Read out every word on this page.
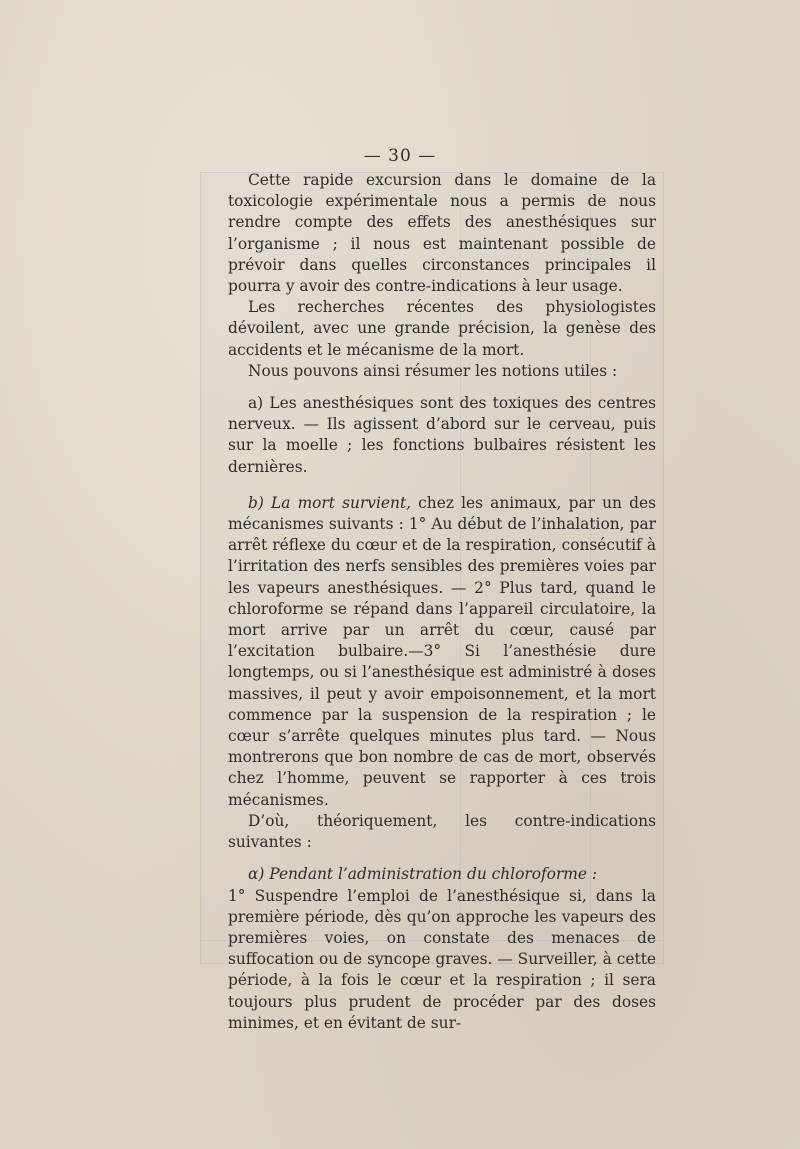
— 30 —

Cette rapide excursion dans le domaine de la toxicologie expérimentale nous a permis de nous rendre compte des effets des anesthésiques sur l’organisme ; il nous est maintenant possible de prévoir dans quelles circonstances principales il pourra y avoir des contre-indications à leur usage.

Les recherches récentes des physiologistes dévoilent, avec une grande précision, la genèse des accidents et le mécanisme de la mort.

Nous pouvons ainsi résumer les notions utiles :

a) Les anesthésiques sont des toxiques des centres nerveux. — Ils agissent d’abord sur le cerveau, puis sur la moelle ; les fonctions bulbaires résistent les dernières.

b) La mort survient, chez les animaux, par un des mécanismes suivants : 1° Au début de l’inhalation, par arrêt réflexe du cœur et de la respiration, consécutif à l’irritation des nerfs sensibles des premières voies par les vapeurs anesthésiques. — 2° Plus tard, quand le chloroforme se répand dans l’appareil circulatoire, la mort arrive par un arrêt du cœur, causé par l’excitation bulbaire.—3° Si l’anesthésie dure longtemps, ou si l’anesthésique est administré à doses massives, il peut y avoir empoisonnement, et la mort commence par la suspension de la respiration ; le cœur s’arrête quelques minutes plus tard. — Nous montrerons que bon nombre de cas de mort, observés chez l’homme, peuvent se rapporter à ces trois mécanismes.

D’où, théoriquement, les contre-indications suivantes :

α) Pendant l’administration du chloroforme :

1° Suspendre l’emploi de l’anesthésique si, dans la première période, dès qu’on approche les vapeurs des premières voies, on constate des menaces de suffocation ou de syncope graves. — Surveiller, à cette période, à la fois le cœur et la respiration ; il sera toujours plus prudent de procéder par des doses minimes, et en évitant de sur-
